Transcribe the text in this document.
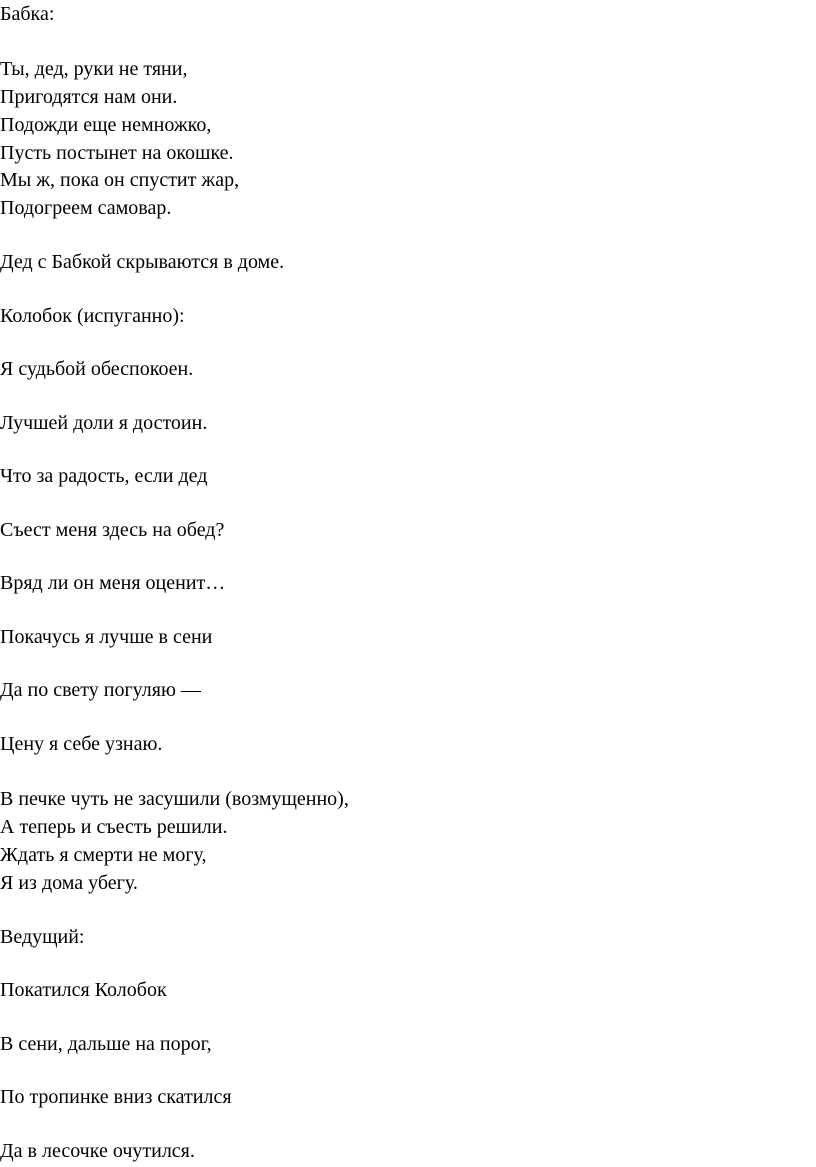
Бабка:

Ты, дед, руки не тяни,

Пригодятся нам они.

Подожди еще немножко,

Пусть постынет на окошке.

Мы ж, пока он спустит жар,

Подогреем самовар.

Дед с Бабкой скрываются в доме.

Колобок (испуганно):

Я судьбой обеспокоен.

Лучшей доли я достоин.

Что за радость, если дед

Съест меня здесь на обед?

Вряд ли он меня оценит…

Покачусь я лучше в сени

Да по свету погуляю —

Цену я себе узнаю.

В печке чуть не засушили (возмущенно),

А теперь и съесть решили.

Ждать я смерти не могу,

Я из дома убегу.

Ведущий:

Покатился Колобок

В сени, дальше на порог,

По тропинке вниз скатился

Да в лесочке очутился.
